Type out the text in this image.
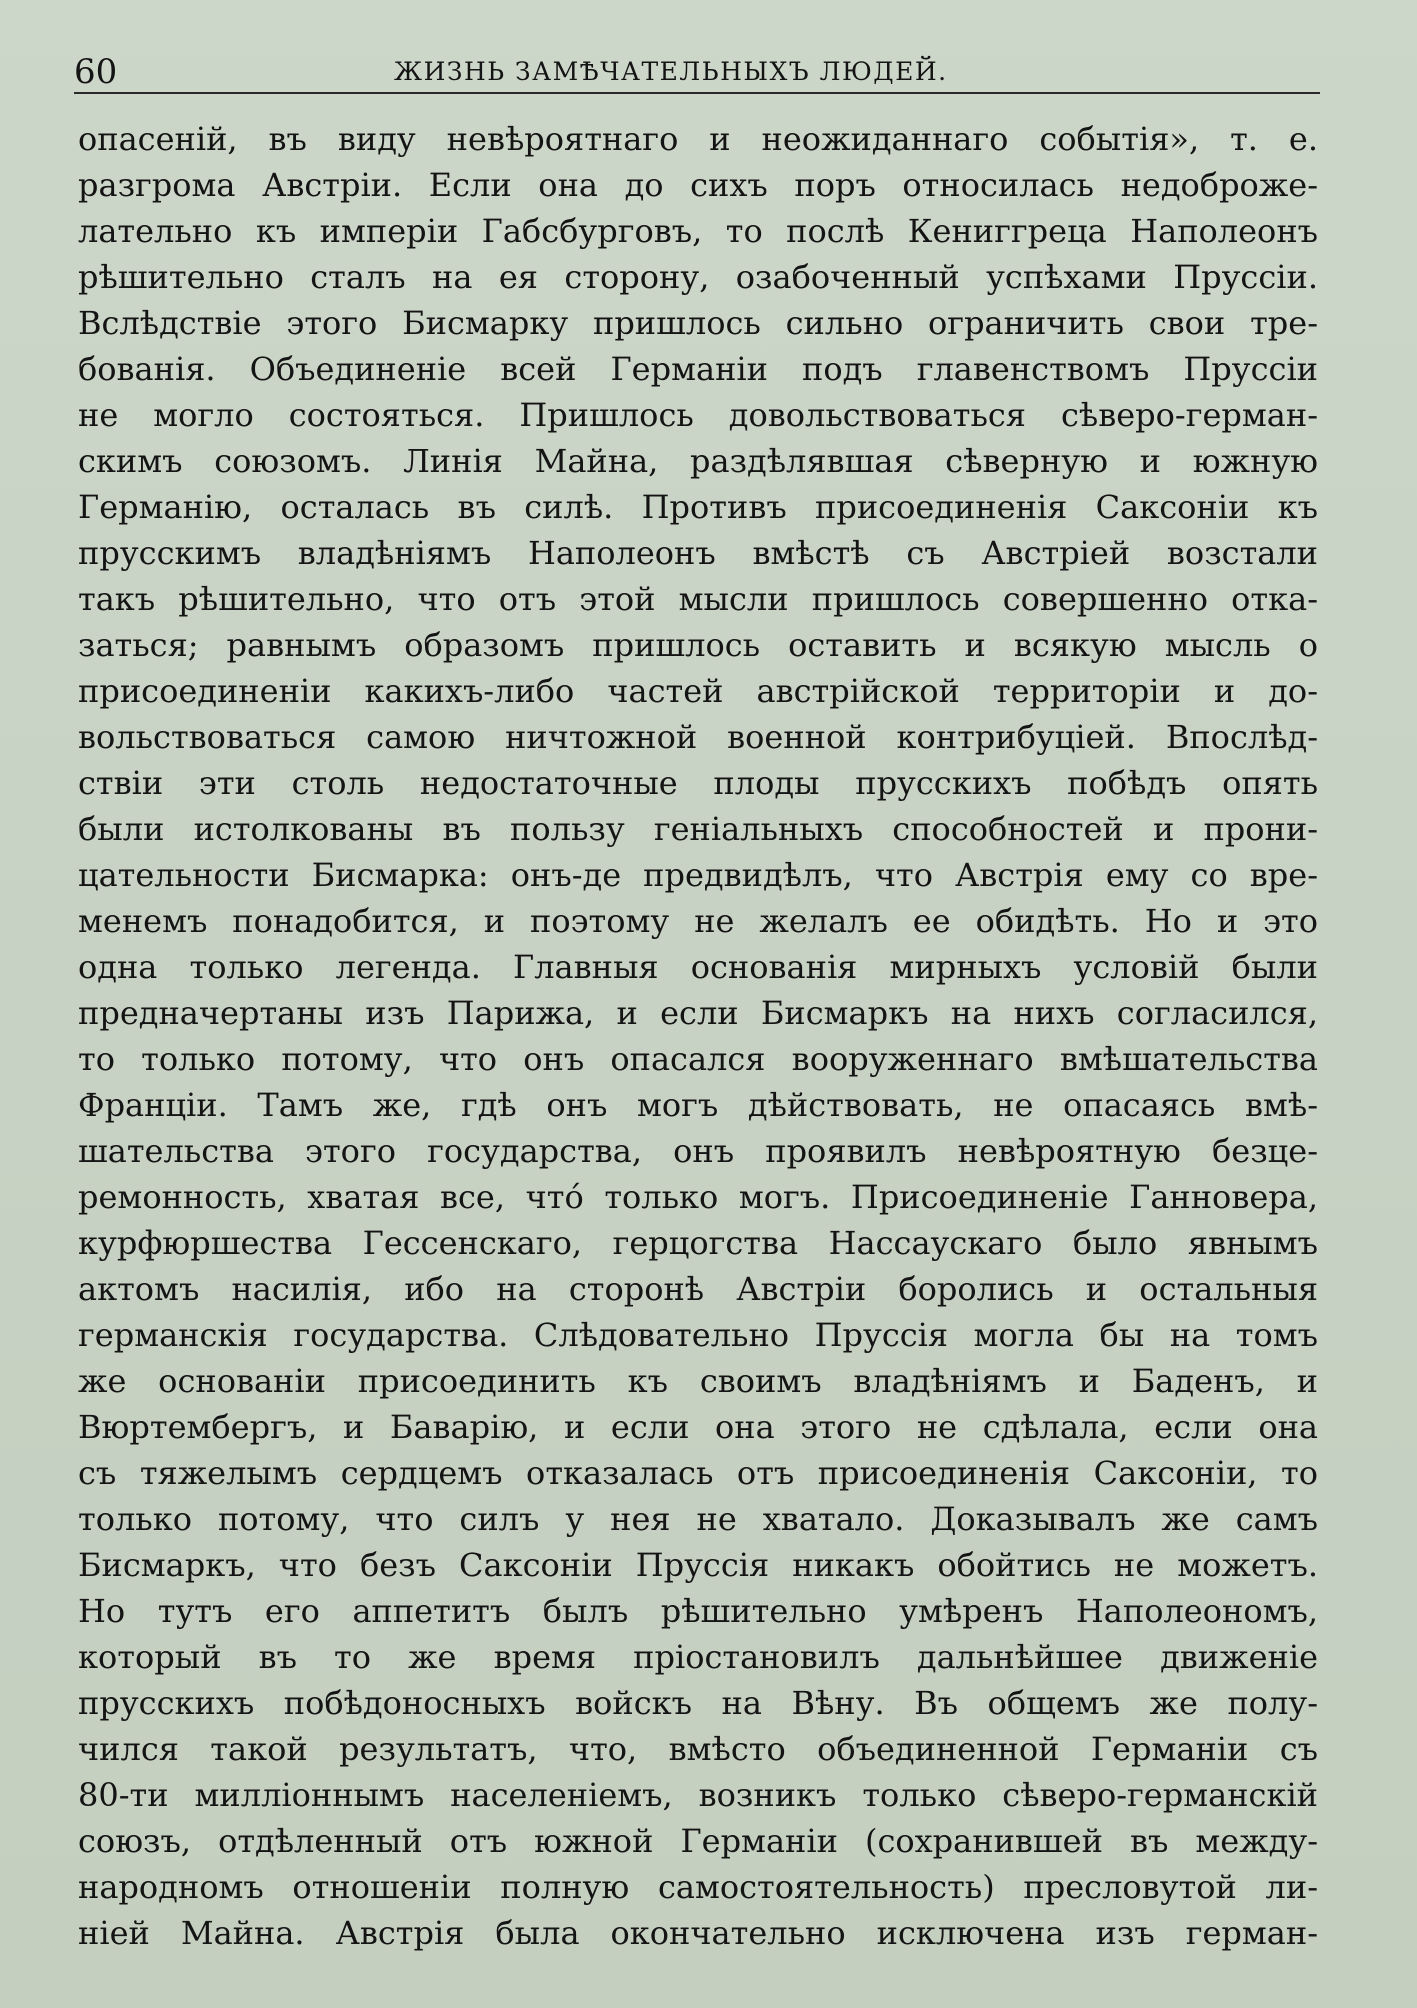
60	ЖИЗНЬ ЗАМѢЧАТЕЛЬНЫХЪ ЛЮДЕЙ.
опасеній, въ виду невѣроятнаго и неожиданнаго событія», т. е.
разгрома Австріи. Если она до сихъ поръ относилась недоброже-
лательно къ имперіи Габсбурговъ, то послѣ Кениггреца Наполеонъ
рѣшительно сталъ на ея сторону, озабоченный успѣхами Пруссіи.
Вслѣдствіе этого Бисмарку пришлось сильно ограничить свои тре-
бованія. Объединеніе всей Германіи подъ главенствомъ Пруссіи
не могло состояться. Пришлось довольствоваться сѣверо-герман-
скимъ союзомъ. Линія Майна, раздѣлявшая сѣверную и южную
Германію, осталась въ силѣ. Противъ присоединенія Саксоніи къ
прусскимъ владѣніямъ Наполеонъ вмѣстѣ съ Австріей возстали
такъ рѣшительно, что отъ этой мысли пришлось совершенно отка-
заться; равнымъ образомъ пришлось оставить и всякую мысль о
присоединеніи какихъ-либо частей австрійской территоріи и до-
вольствоваться самою ничтожной военной контрибуціей. Впослѣд-
ствіи эти столь недостаточные плоды прусскихъ побѣдъ опять
были истолкованы въ пользу геніальныхъ способностей и прони-
цательности Бисмарка: онъ-де предвидѣлъ, что Австрія ему со вре-
менемъ понадобится, и поэтому не желалъ ее обидѣть. Но и это
одна только легенда. Главныя основанія мирныхъ условій были
предначертаны изъ Парижа, и если Бисмаркъ на нихъ согласился,
то только потому, что онъ опасался вооруженнаго вмѣшательства
Франціи. Тамъ же, гдѣ онъ могъ дѣйствовать, не опасаясь вмѣ-
шательства этого государства, онъ проявилъ невѣроятную безце-
ремонность, хватая все, что́ только могъ. Присоединеніе Ганновера,
курфюршества Гессенскаго, герцогства Нассаускаго было явнымъ
актомъ насилія, ибо на сторонѣ Австріи боролись и остальныя
германскія государства. Слѣдовательно Пруссія могла бы на томъ
же основаніи присоединить къ своимъ владѣніямъ и Баденъ, и
Вюртембергъ, и Баварію, и если она этого не сдѣлала, если она
съ тяжелымъ сердцемъ отказалась отъ присоединенія Саксоніи, то
только потому, что силъ у нея не хватало. Доказывалъ же самъ
Бисмаркъ, что безъ Саксоніи Пруссія никакъ обойтись не можетъ.
Но тутъ его аппетитъ былъ рѣшительно умѣренъ Наполеономъ,
который въ то же время пріостановилъ дальнѣйшее движеніе
прусскихъ побѣдоносныхъ войскъ на Вѣну. Въ общемъ же полу-
чился такой результатъ, что, вмѣсто объединенной Германіи съ
80-ти милліоннымъ населеніемъ, возникъ только сѣверо-германскій
союзъ, отдѣленный отъ южной Германіи (сохранившей въ между-
народномъ отношеніи полную самостоятельность) пресловутой ли-
ніей Майна. Австрія была окончательно исключена изъ герман-
